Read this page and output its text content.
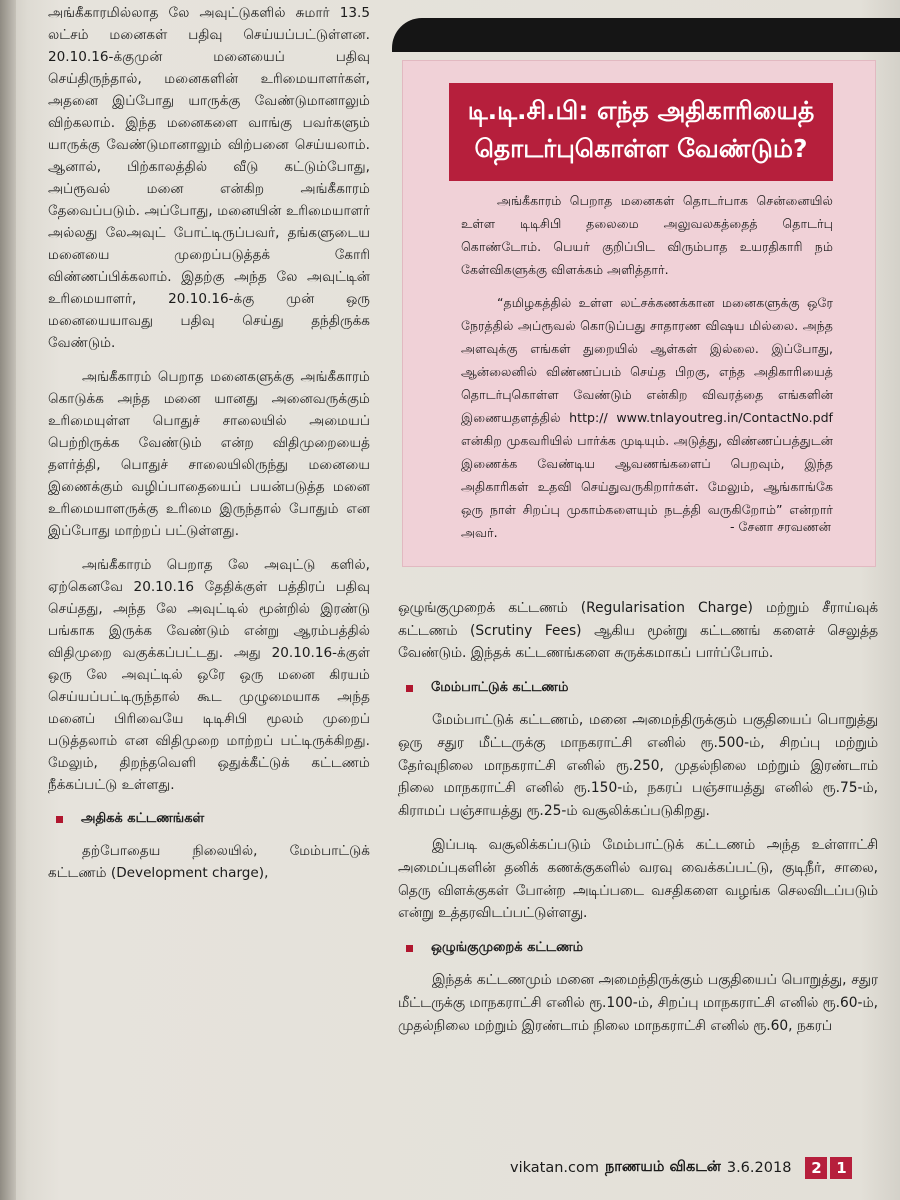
அங்கீகாரமில்லாத லே அவுட்டுகளில் சுமார் 13.5 லட்சம் மனைகள் பதிவு செய்யப்பட்டுள்ளன. 20.10.16-க்குமுன் மனையைப் பதிவு செய்திருந்தால், மனைகளின் உரிமையாளர்கள், அதனை இப்போது யாருக்கு வேண்டுமானாலும் விற்கலாம். இந்த மனைகளை வாங்கு பவர்களும் யாருக்கு வேண்டுமானாலும் விற்பனை செய்யலாம். ஆனால், பிற்காலத்தில் வீடு கட்டும்போது, அப்ரூவல் மனை என்கிற அங்கீகாரம் தேவைப்படும். அப்போது, மனையின் உரிமையாளர் அல்லது லேஅவுட் போட்டிருப்பவர், தங்களுடைய மனையை முறைப்படுத்தக் கோரி விண்ணப்பிக்கலாம். இதற்கு அந்த லே அவுட்டின் உரிமையாளர், 20.10.16-க்கு முன் ஒரு மனையையாவது பதிவு செய்து தந்திருக்க வேண்டும்.

அங்கீகாரம் பெறாத மனைகளுக்கு அங்கீகாரம் கொடுக்க அந்த மனை யானது அனைவருக்கும் உரிமையுள்ள பொதுச் சாலையில் அமையப் பெற்றிருக்க வேண்டும் என்ற விதிமுறையைத் தளர்த்தி, பொதுச் சாலையிலிருந்து மனையை இணைக்கும் வழிப்பாதையைப் பயன்படுத்த மனை உரிமையாளருக்கு உரிமை இருந்தால் போதும் என இப்போது மாற்றப் பட்டுள்ளது.

அங்கீகாரம் பெறாத லே அவுட்டு களில், ஏற்கெனவே 20.10.16 தேதிக்குள் பத்திரப் பதிவு செய்தது, அந்த லே அவுட்டில் மூன்றில் இரண்டு பங்காக இருக்க வேண்டும் என்று ஆரம்பத்தில் விதிமுறை வகுக்கப்பட்டது. அது 20.10.16-க்குள் ஒரு லே அவுட்டில் ஒரே ஒரு மனை கிரயம் செய்யப்பட்டிருந்தால் கூட முழுமையாக அந்த மனைப் பிரிவையே டிடிசிபி மூலம் முறைப் படுத்தலாம் என விதிமுறை மாற்றப் பட்டிருக்கிறது. மேலும், திறந்தவெளி ஒதுக்கீட்டுக் கட்டணம் நீக்கப்பட்டு உள்ளது.

அதிகக் கட்டணங்கள்

தற்போதைய நிலையில், மேம்பாட்டுக் கட்டணம் (Development charge),

டி.டி.சி.பி: எந்த அதிகாரியைத்
தொடர்புகொள்ள வேண்டும்?

அங்கீகாரம் பெறாத மனைகள் தொடர்பாக சென்னையில் உள்ள டிடிசிபி தலைமை அலுவலகத்தைத் தொடர்பு கொண்டோம். பெயர் குறிப்பிட விரும்பாத உயரதிகாரி நம் கேள்விகளுக்கு விளக்கம் அளித்தார்.

“தமிழகத்தில் உள்ள லட்சக்கணக்கான மனைகளுக்கு ஒரே நேரத்தில் அப்ரூவல் கொடுப்பது சாதாரண விஷய மில்லை. அந்த அளவுக்கு எங்கள் துறையில் ஆள்கள் இல்லை. இப்போது, ஆன்லைனில் விண்ணப்பம் செய்த பிறகு, எந்த அதிகாரியைத் தொடர்புகொள்ள வேண்டும் என்கிற விவரத்தை எங்களின் இணையதளத்தில் http:// www.tnlayoutreg.in/ContactNo.pdf என்கிற முகவரியில் பார்க்க முடியும். அடுத்து, விண்ணப்பத்துடன் இணைக்க வேண்டிய ஆவணங்களைப் பெறவும், இந்த அதிகாரிகள் உதவி செய்துவருகிறார்கள். மேலும், ஆங்காங்கே ஒரு நாள் சிறப்பு முகாம்களையும் நடத்தி வருகிறோம்” என்றார் அவர்.	- சேனா சரவணன்

ஒழுங்குமுறைக் கட்டணம் (Regularisation Charge) மற்றும் சீராய்வுக் கட்டணம் (Scrutiny Fees) ஆகிய மூன்று கட்டணங் களைச் செலுத்த வேண்டும். இந்தக் கட்டணங்களை சுருக்கமாகப் பார்ப்போம்.

மேம்பாட்டுக் கட்டணம்

மேம்பாட்டுக் கட்டணம், மனை அமைந்திருக்கும் பகுதியைப் பொறுத்து ஒரு சதுர மீட்டருக்கு மாநகராட்சி எனில் ரூ.500-ம், சிறப்பு மற்றும் தேர்வுநிலை மாநகராட்சி எனில் ரூ.250, முதல்நிலை மற்றும் இரண்டாம் நிலை மாநகராட்சி எனில் ரூ.150-ம், நகரப் பஞ்சாயத்து எனில் ரூ.75-ம், கிராமப் பஞ்சாயத்து ரூ.25-ம் வசூலிக்கப்படுகிறது.

இப்படி வசூலிக்கப்படும் மேம்பாட்டுக் கட்டணம் அந்த உள்ளாட்சி அமைப்புகளின் தனிக் கணக்குகளில் வரவு வைக்கப்பட்டு, குடிநீர், சாலை, தெரு விளக்குகள் போன்ற அடிப்படை வசதிகளை வழங்க செலவிடப்படும் என்று உத்தரவிடப்பட்டுள்ளது.

ஒழுங்குமுறைக் கட்டணம்

இந்தக் கட்டணமும் மனை அமைந்திருக்கும் பகுதியைப் பொறுத்து, சதுர மீட்டருக்கு மாநகராட்சி எனில் ரூ.100-ம், சிறப்பு மாநகராட்சி எனில் ரூ.60-ம், முதல்நிலை மற்றும் இரண்டாம் நிலை மாநகராட்சி எனில் ரூ.60, நகரப்

vikatan.com நாணயம் விகடன் 3.6.2018	2 1
